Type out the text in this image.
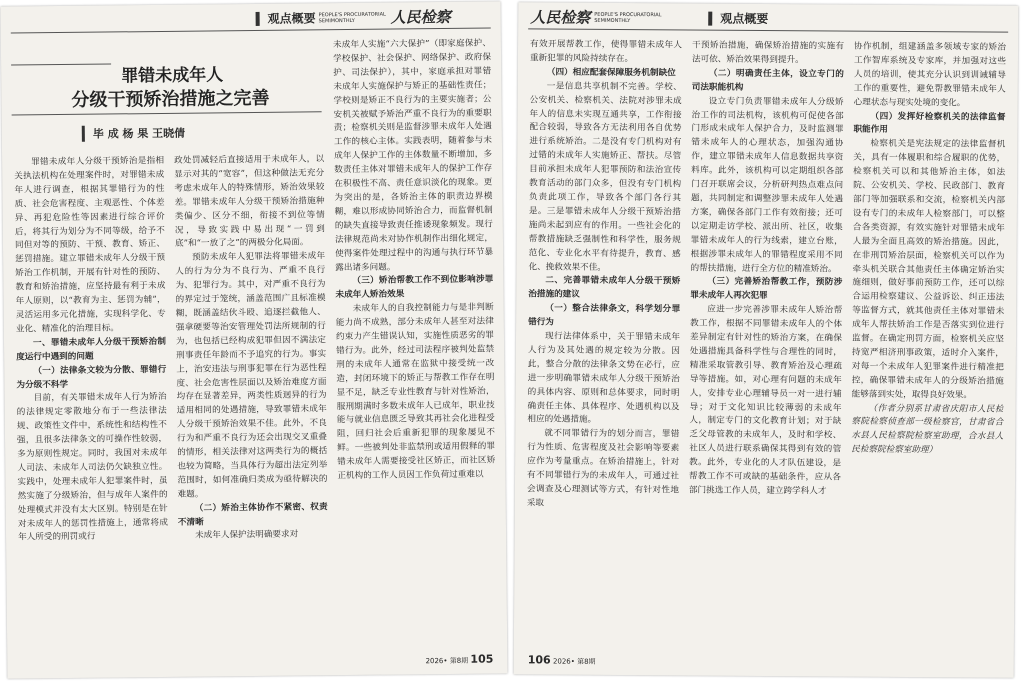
观点概要 PEOPLE'S PROCURATORIAL SEMIMONTHLY 人民检察
罪错未成年人
分级干预矫治措施之完善
毕 成 杨 果 王晓倩

罪错未成年人分级干预矫治是指相关执法机构在处理案件时，对罪错未成年人进行调查，根据其罪错行为的性质、社会危害程度、主观恶性、个体差异、再犯危险性等因素进行综合评价后，将其行为划分为不同等级，给予不同但对等的预防、干预、教育、矫正、惩罚措施。建立罪错未成年人分级干预矫治工作机制，开展有针对性的预防、教育和矫治措施，应坚持最有利于未成年人原则，以“教育为主、惩罚为辅”，灵活运用多元化措施，实现科学化、专业化、精准化的治理目标。

一、罪错未成年人分级干预矫治制度运行中遇到的问题

（一）法律条文较为分散、罪错行为分级不科学

目前，有关罪错未成年人行为矫治的法律规定零散地分布于一些法律法规、政策性文件中，系统性和结构性不强，且很多法律条文的可操作性较弱，多为原则性规定。同时，我国对未成年人司法、未成年人司法仍欠缺独立性。实践中，处理未成年人犯罪案件时，虽然实施了分级矫治，但与成年人案件的处理模式并没有太大区别。特别是在针对未成年人的惩罚性措施上，通常将成年人所受的刑罚或行

政处罚减轻后直接适用于未成年人，以显示对其的“宽容”，但这种做法无充分考虑未成年人的特殊情形，矫治效果较差。罪错未成年人分级干预矫治措施种类偏少、区分不细，衔接不到位等情况，导致实践中易出现“一罚到底”和“一放了之”的两极分化局面。

预防未成年人犯罪法将罪错未成年人的行为分为不良行为、严重不良行为、犯罪行为。其中，对严重不良行为的界定过于笼统，涵盖范围广且标准模糊，既涵盖结伙斗殴、追逐拦截他人、强拿硬要等治安管理处罚法所规制的行为，也包括已经构成犯罪但因不满法定刑事责任年龄而不予追究的行为。事实上，治安违法与刑事犯罪在行为恶性程度、社会危害性层面以及矫治难度方面均存在显著差异，两类性质迥异的行为适用相同的处遇措施，导致罪错未成年人分级干预矫治效果不佳。此外，不良行为和严重不良行为还会出现交叉重叠的情形，相关法律对这两类行为的概括也较为简略，当具体行为超出法定列举范围时，如何准确归类成为亟待解决的难题。

（二）矫治主体协作不紧密、权责不清晰

未成年人保护法明确要求对

未成年人实施“六大保护”（即家庭保护、学校保护、社会保护、网络保护、政府保护、司法保护），其中，家庭承担对罪错未成年人实施保护与矫正的基础性责任；学校则是矫正不良行为的主要实施者；公安机关被赋予矫治严重不良行为的重要职责；检察机关则是监督涉罪未成年人处遇工作的核心主体。实践表明，随着参与未成年人保护工作的主体数量不断增加，多数责任主体对罪错未成年人的保护工作存在积极性不高、责任意识淡化的现象。更为突出的是，各矫治主体的职责边界模糊，难以形成协同矫治合力，而监督机制的缺失直接导致责任推诿现象频发。现行法律规范尚未对协作机制作出细化规定，使得案件处理过程中的沟通与执行环节暴露出诸多问题。

（三）矫治帮教工作不到位影响涉罪未成年人矫治效果

未成年人的自我控制能力与是非判断能力尚不成熟，部分未成年人甚至对法律约束力产生错误认知，实施性质恶劣的罪错行为。此外，经过司法程序被判处监禁刑的未成年人通常在监狱中接受统一改造，封闭环境下的矫正与帮教工作存在明显不足，缺乏专业性教育与针对性矫治，服刑期满时多数未成年人已成年，职业技能与就业信息匮乏导致其再社会化进程受阻，回归社会后重新犯罪的现象屡见不鲜。一些被判处非监禁刑或适用假释的罪错未成年人需要接受社区矫正，而社区矫正机构的工作人员因工作负荷过重难以

2026• 第8期 105
人民检察 PEOPLE'S PROCURATORIAL SEMIMONTHLY	观点概要

有效开展帮教工作，使得罪错未成年人重新犯罪的风险持续存在。

（四）相应配套保障服务机制缺位

一是信息共享机制不完善。学校、公安机关、检察机关、法院对涉罪未成年人的信息未实现互通共享，工作衔接配合较弱，导致各方无法利用各自优势进行系统矫治。二是没有专门机构对有过错的未成年人实施矫正、帮扶。尽管目前承担未成年人犯罪预防和法治宣传教育活动的部门众多，但没有专门机构负责此项工作，导致各个部门各行其是。三是罪错未成年人分级干预矫治措施尚未起到应有的作用。一些社会化的帮教措施缺乏强制性和科学性，服务规范化、专业化水平有待提升，教育、感化、挽救效果不佳。

二、完善罪错未成年人分级干预矫治措施的建议

（一）整合法律条文，科学划分罪错行为

现行法律体系中，关于罪错未成年人行为及其处遇的规定较为分散。因此，整合分散的法律条文势在必行，应进一步明确罪错未成年人分级干预矫治的具体内容、原则和总体要求，同时明确责任主体、具体程序、处遇机构以及相应的处遇措施。

就不同罪错行为的划分而言，罪错行为性质、危害程度及社会影响等要素应作为考量重点。在矫治措施上，针对有不同罪错行为的未成年人，可通过社会调查及心理测试等方式，有针对性地采取

干预矫治措施，确保矫治措施的实施有法可依、矫治效果得到提升。

（二）明确责任主体，设立专门的司法职能机构

设立专门负责罪错未成年人分级矫治工作的司法机构，该机构可促使各部门形成未成年人保护合力，及时监测罪错未成年人的心理状态，加强沟通协作，建立罪错未成年人信息数据共享资料库。此外，该机构可以定期组织各部门召开联席会议，分析研判热点难点问题，共同制定和调整涉罪未成年人处遇方案，确保各部门工作有效衔接；还可以定期走访学校、派出所、社区，收集罪错未成年人的行为线索，建立台账，根据涉罪未成年人的罪错程度采用不同的帮扶措施，进行全方位的精准矫治。

（三）完善矫治帮教工作，预防涉罪未成年人再次犯罪

应进一步完善涉罪未成年人矫治帮教工作，根据不同罪错未成年人的个体差异制定有针对性的矫治方案，在确保处遇措施具备科学性与合理性的同时，精准采取管教引导、教育矫治及心理疏导等措施。如，对心理有问题的未成年人，安排专业心理辅导员一对一进行辅导；对于文化知识比较薄弱的未成年人，制定专门的文化教育计划；对于缺乏父母管教的未成年人，及时和学校、社区人员进行联系确保其得到有效的管教。此外，专业化的人才队伍建设，是帮教工作不可或缺的基础条件，应从各部门挑选工作人员，建立跨学科人才

协作机制，组建涵盖多领域专家的矫治工作智库系统及专家库，并加强对这些人员的培训，使其充分认识到训诫辅导工作的重要性，避免帮教罪错未成年人心理状态与现实处境的变化。

（四）发挥好检察机关的法律监督职能作用

检察机关是宪法规定的法律监督机关，具有一体履职和综合履职的优势，检察机关可以和其他矫治主体，如法院、公安机关、学校、民政部门、教育部门等加强联系和交流，检察机关内部设有专门的未成年人检察部门，可以整合各类资源，有效实施针对罪错未成年人最为全面且高效的矫治措施。因此，在非刑罚矫治层面，检察机关可以作为牵头机关联合其他责任主体确定矫治实施细则，做好事前预防工作，还可以综合运用检察建议、公益诉讼、纠正违法等监督方式，就其他责任主体对罪错未成年人帮扶矫治工作是否落实到位进行监督。在确定刑罚方面，检察机关应坚持宽严相济刑事政策，适时介入案件，对每一个未成年人犯罪案件进行精准把控，确保罪错未成年人的分级矫治措施能够落到实处，取得良好效果。

（作者分别系甘肃省庆阳市人民检察院检察侦查部一级检察官，甘肃省合水县人民检察院检察室助理，合水县人民检察院检察室助理）

106 2026• 第8期
